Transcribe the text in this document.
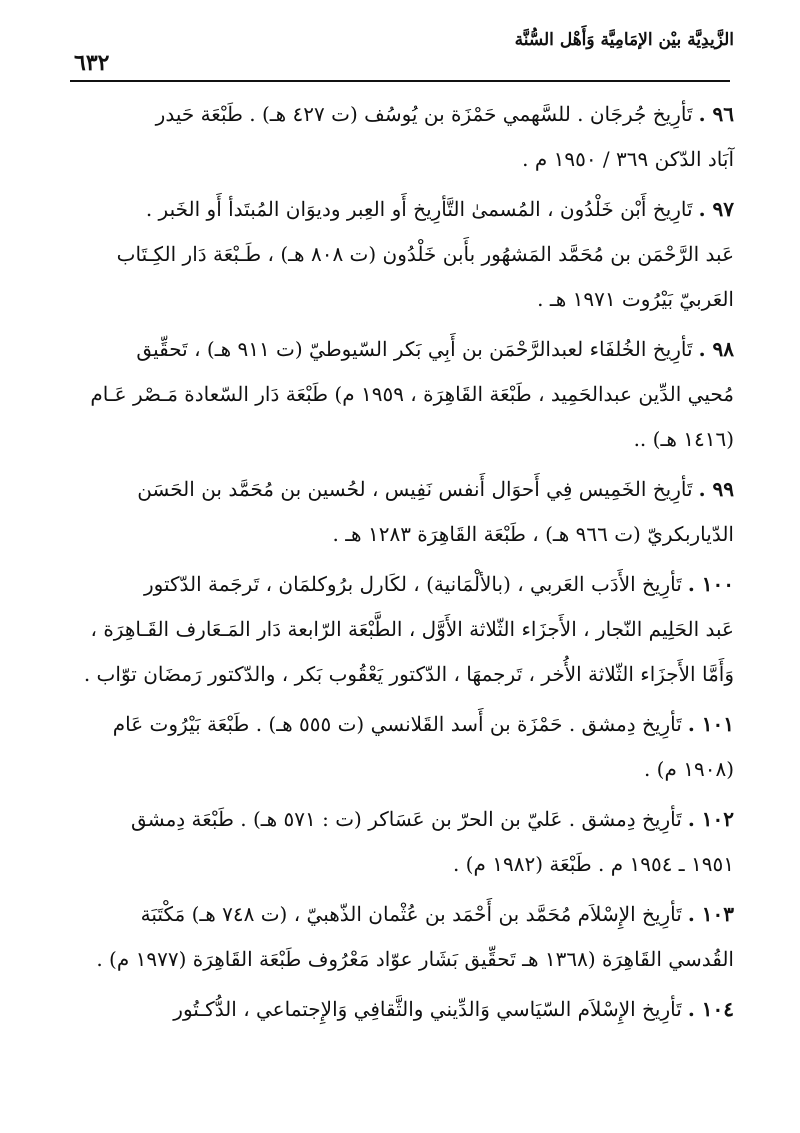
الزَّيدِيَّة بيْن الإمَامِيَّة وَأَهْل السُّنَّة
٦٣٢
٩٦ .تَأرِيخ جُرجَان . للسَّهمي حَمْزَة بن يُوسُف (ت ٤٢٧ هـ) . طَبْعَة حَيدر
آبَاد الدّكن ٣٦٩ / ١٩٥٠ م .
٩٧ .تَارِيخ أَبْن خَلْدُون ، المُسمىٰ التَّأرِيخ أَو العِبر وديوَان المُبتَدأ أَو الخَبر .
عَبد الرَّحْمَن بن مُحَمَّد المَشهُور بأَبن خَلْدُون (ت ٨٠٨ هـ) ، طَـبْعَة دَار الكِـتَاب
العَربيّ بَيْرُوت ١٩٧١ هـ .
٩٨ .تَأرِيخ الخُلفَاء لعبدالرَّحْمَن بن أَبِي بَكر السّيوطيّ (ت ٩١١ هـ) ، تَحقِّيق
مُحيي الدِّين عبدالحَمِيد ، طَبْعَة القَاهِرَة ، ١٩٥٩ م) طَبْعَة دَار السّعادة مَـصْر عَـام
(١٤١٦ هـ) ..
٩٩ .تَأرِيخ الخَمِيس فِي أَحوَال أَنفس نَفِيس ، لحُسين بن مُحَمَّد بن الحَسَن
الدّياربكريّ (ت ٩٦٦ هـ) ، طَبْعَة القَاهِرَة ١٢٨٣ هـ .
١٠٠ .تَأرِيخ الأَدَب العَربي ، (بالألْمَانية) ، لكَارل برُوكلمَان ، تَرجَمة الدّكتور
عَبد الحَلِيم النّجار ، الأَجزَاء الثّلاثة الأَوَّل ، الطَّبْعَة الرّابعة دَار المَـعَارف القَـاهِرَة ،
وَأَمَّا الأَجزَاء الثّلاثة الأُخر ، تَرجمهَا ، الدّكتور يَعْقُوب بَكر ، والدّكتور رَمضَان توّاب .
١٠١ .تَأرِيخ دِمشق . حَمْزَة بن أَسد القَلانسي (ت ٥٥٥ هـ) . طَبْعَة بَيْرُوت عَام
(١٩٠٨ م) .
١٠٢ .تَأرِيخ دِمشق . عَليّ بن الحرّ بن عَسَاكر (ت : ٥٧١ هـ) . طَبْعَة دِمشق
١٩٥١ ـ ١٩٥٤ م . طَبْعَة (١٩٨٢ م) .
١٠٣ .تَأرِيخ الإِسْلاَم مُحَمَّد بن أَحْمَد بن عُثْمان الذّهبيّ ، (ت ٧٤٨ هـ) مَكْتَبَة
القُدسي القَاهِرَة (١٣٦٨ هـ تَحقِّيق بَشَار عوّاد مَعْرُوف طَبْعَة القَاهِرَة (١٩٧٧ م) .
١٠٤ .تَأرِيخ الإِسْلاَم السّيَاسي وَالدِّيني والثَّقافِي وَالإِجتماعي ، الدُّكـتُور
